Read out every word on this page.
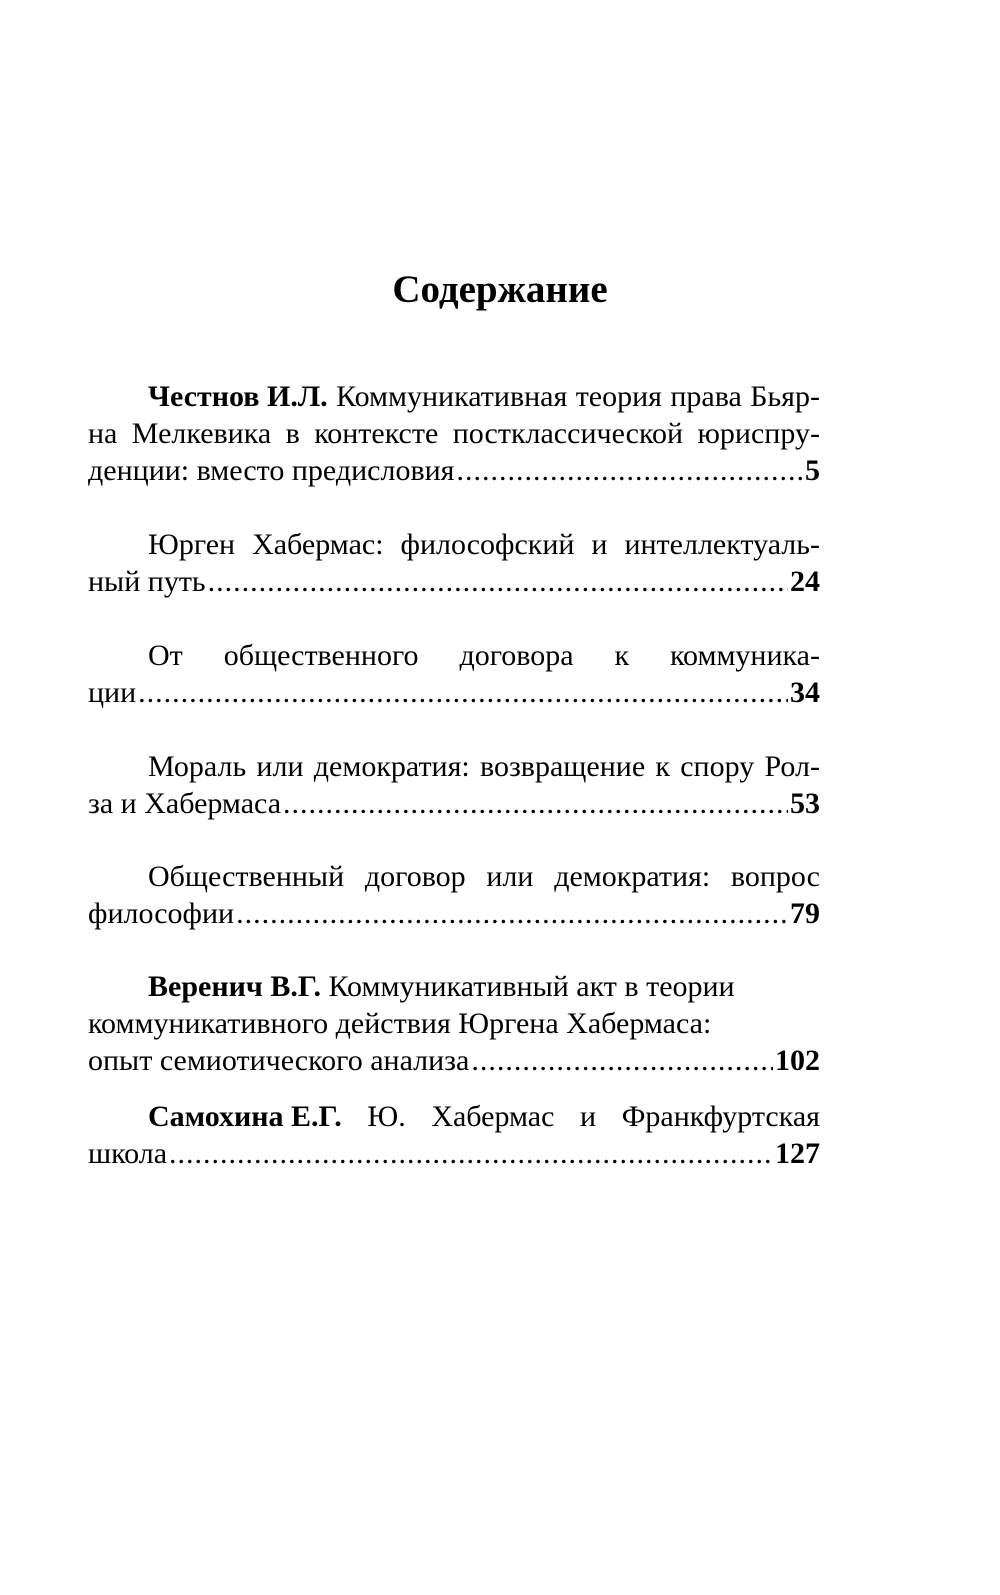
Содержание
Честнов И.Л. Коммуникативная теория права Бьяр-
на Мелкевика в контексте постклассической юриспру-
денции: вместо предисловия .....	5
Юрген Хабермас: философский и интеллектуаль-
ный путь .....	24
От общественного договора к коммуника-
ции .....	34
Мораль или демократия: возвращение к спору Рол-
за и Хабермаса .....	53
Общественный договор или демократия: вопрос
философии .....	79
Веренич В.Г. Коммуникативный акт в теории
коммуникативного действия Юргена Хабермаса:
опыт семиотического анализа .....	102
Самохина Е.Г. Ю. Хабермас и Франкфуртская
школа .....	127
